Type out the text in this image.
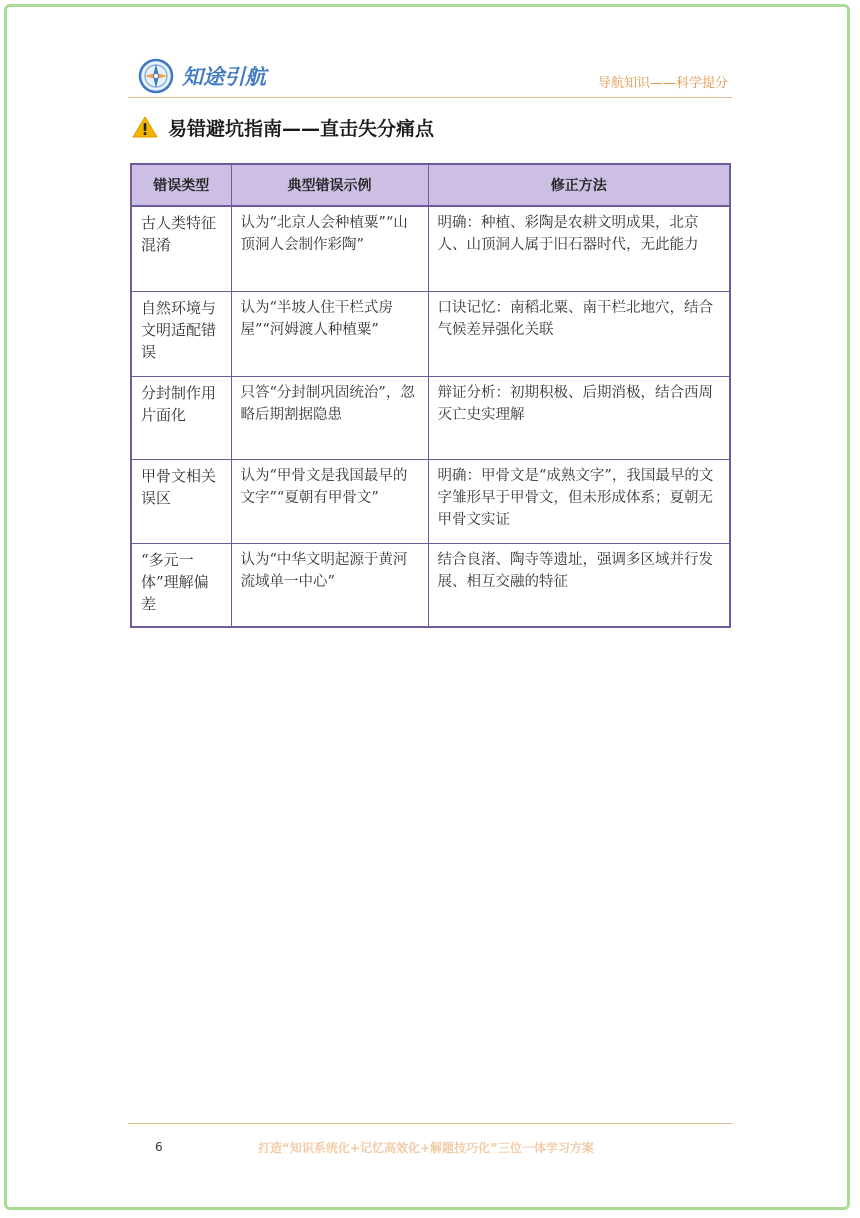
知途引航	导航知识——科学提分
易错避坑指南——直击失分痛点
错误类型	典型错误示例	修正方法
古人类特征混淆	认为“北京人会种植粟”“山顶洞人会制作彩陶”	明确：种植、彩陶是农耕文明成果，北京人、山顶洞人属于旧石器时代，无此能力
自然环境与文明适配错误	认为“半坡人住干栏式房屋”“河姆渡人种植粟”	口诀记忆：南稻北粟、南干栏北地穴，结合气候差异强化关联
分封制作用片面化	只答“分封制巩固统治”，忽略后期割据隐患	辩证分析：初期积极、后期消极，结合西周灭亡史实理解
甲骨文相关误区	认为“甲骨文是我国最早的文字”“夏朝有甲骨文”	明确：甲骨文是“成熟文字”，我国最早的文字雏形早于甲骨文，但未形成体系；夏朝无甲骨文实证
“多元一体”理解偏差	认为“中华文明起源于黄河流域单一中心”	结合良渚、陶寺等遗址，强调多区域并行发展、相互交融的特征
6	打造“知识系统化+记忆高效化+解题技巧化”三位一体学习方案
